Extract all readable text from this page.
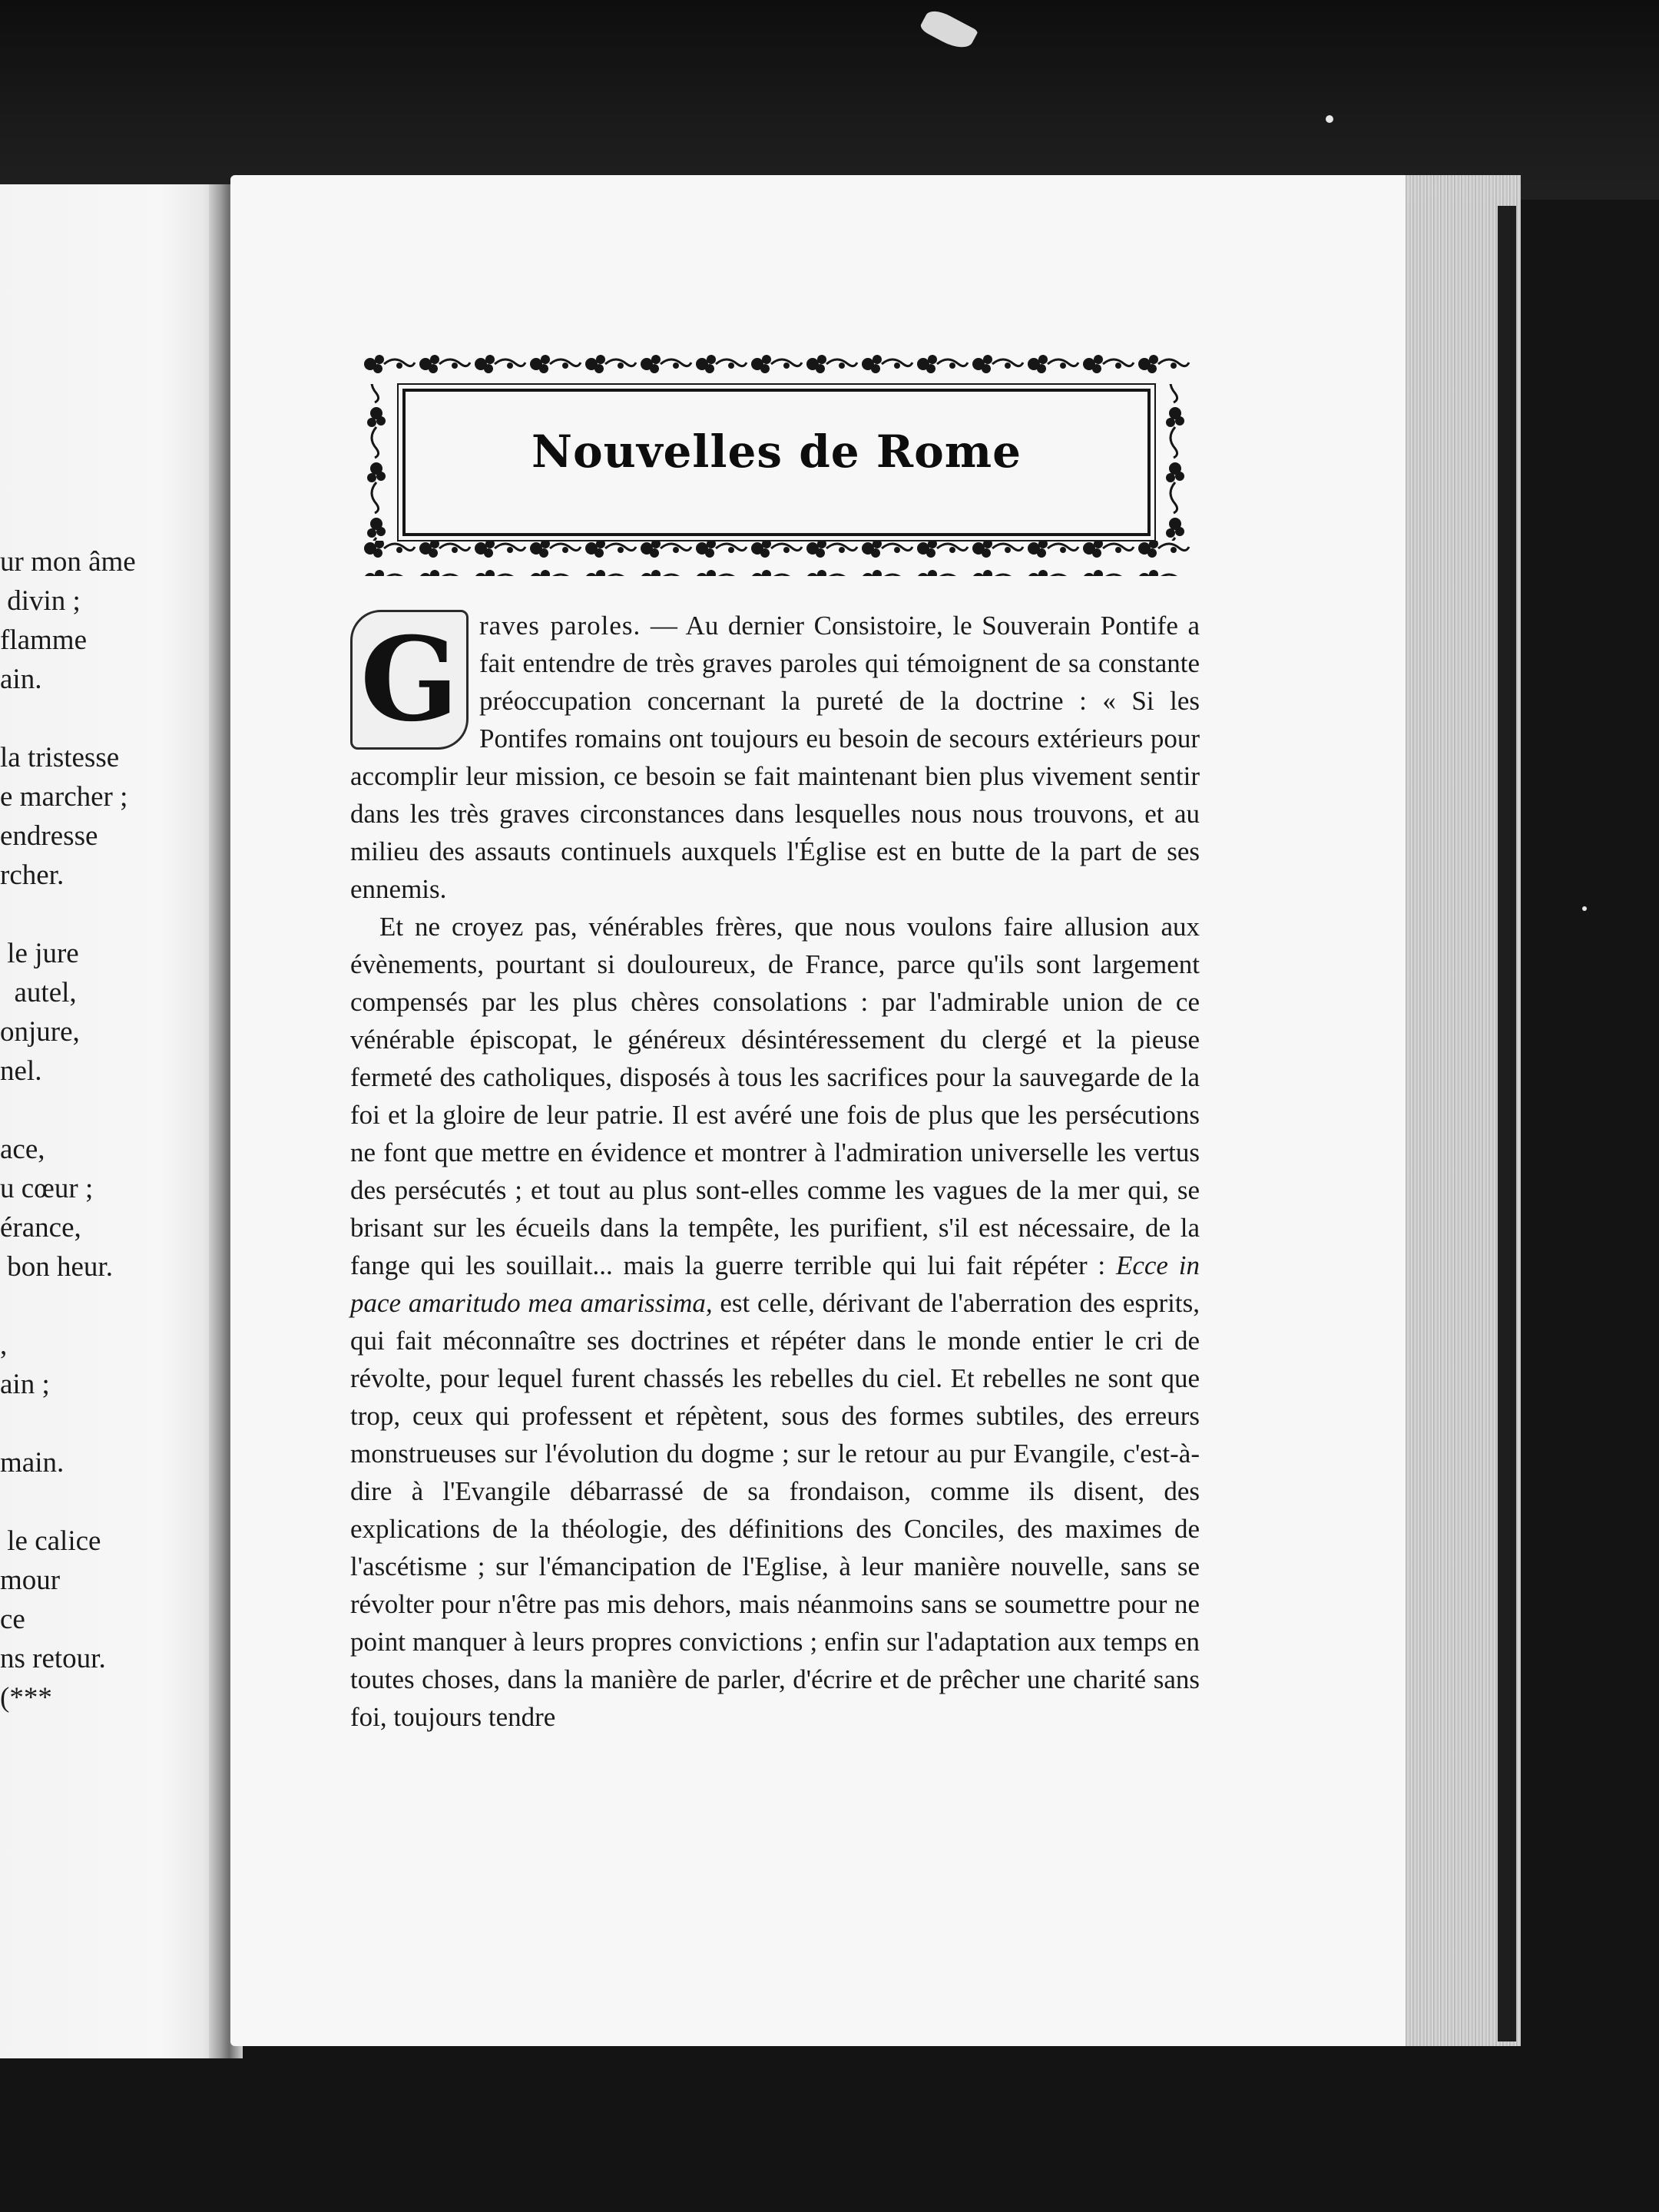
ur mon âme
divin ;
flamme
ain.

la tristesse
e marcher ;
endresse
rcher.

le jure
autel,
onjure,
nel.

ace,
u cœur ;
érance,
bon heur.

,
ain ;

main.

le calice
mour
ce
ns retour.
(***
Nouvelles de Rome
G raves paroles. — Au dernier Consistoire, le Souverain Pontife a fait entendre de très graves paroles qui témoignent de sa constante préoccupation concernant la pureté de la doctrine : « Si les Pontifes romains ont toujours eu besoin de secours extérieurs pour accomplir leur mission, ce besoin se fait maintenant bien plus vivement sentir dans les très graves circonstances dans lesquelles nous nous trouvons, et au milieu des assauts continuels auxquels l'Église est en butte de la part de ses ennemis.

Et ne croyez pas, vénérables frères, que nous voulons faire allusion aux évènements, pourtant si douloureux, de France, parce qu'ils sont largement compensés par les plus chères consolations : par l'admirable union de ce vénérable épiscopat, le généreux désintéressement du clergé et la pieuse fermeté des catholiques, disposés à tous les sacrifices pour la sauvegarde de la foi et la gloire de leur patrie. Il est avéré une fois de plus que les persécutions ne font que mettre en évidence et montrer à l'admiration universelle les vertus des persécutés ; et tout au plus sont-elles comme les vagues de la mer qui, se brisant sur les écueils dans la tempête, les purifient, s'il est nécessaire, de la fange qui les souillait... mais la guerre terrible qui lui fait répéter : Ecce in pace amaritudo mea amarissima, est celle, dérivant de l'aberration des esprits, qui fait méconnaître ses doctrines et répéter dans le monde entier le cri de révolte, pour lequel furent chassés les rebelles du ciel. Et rebelles ne sont que trop, ceux qui professent et répètent, sous des formes subtiles, des erreurs monstrueuses sur l'évolution du dogme ; sur le retour au pur Evangile, c'est-à-dire à l'Evangile débarrassé de sa frondaison, comme ils disent, des explications de la théologie, des définitions des Conciles, des maximes de l'ascétisme ; sur l'émancipation de l'Eglise, à leur manière nouvelle, sans se révolter pour n'être pas mis dehors, mais néanmoins sans se soumettre pour ne point manquer à leurs propres convictions ; enfin sur l'adaptation aux temps en toutes choses, dans la manière de parler, d'écrire et de prêcher une charité sans foi, toujours tendre
